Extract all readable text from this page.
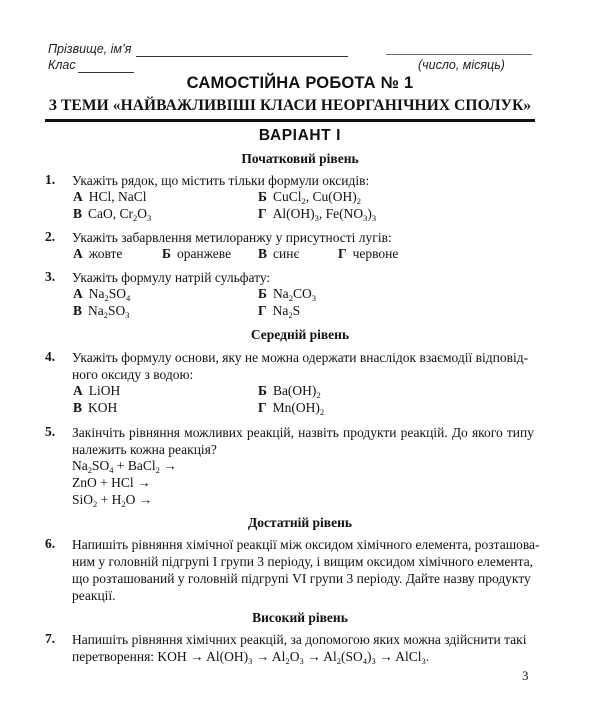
Прізвище, ім’я
Клас	(число, місяць)
САМОСТІЙНА РОБОТА № 1
З ТЕМИ «НАЙВАЖЛИВІШІ КЛАСИ НЕОРГАНІЧНИХ СПОЛУК»
ВАРІАНТ І
Початковий рівень
1. Укажіть рядок, що містить тільки формули оксидів:
А HCl, NaCl	Б CuCl$_2$, $Cu(OH)_2$
В CaO, $Cr_2O_3$	Г $Al(OH)_3$, $Fe(NO_3)_3$
2. Укажіть забарвлення метилоранжу у присутності лугів:
А жовте	Б оранжеве В синє	Г червоне
3. Укажіть формулу натрій сульфату:
А $Na_2SO_4$	Б $Na_2CO_3$
В $Na_2SO_3$	Г $Na_2S$
Середній рівень
4. Укажіть формулу основи, яку не можна одержати внаслідок взаємодії відповід-
ного оксиду з водою:
А LiOH	Б $Ba(OH)_2$
В KOH	Г $Mn(OH)_2$
5. Закінчіть рівняння можливих реакцій, назвіть продукти реакцій. До якого типу належить кожна реакція?
$Na_2SO_4$ + BaCl$_2$ →
ZnO + HCl →
$SiO_2 + H_2O$ →
Достатній рівень
6. Напишіть рівняння хімічної реакції між оксидом хімічного елемента, розташова-
ним у головній підгрупі І групи 3 періоду, і вищим оксидом хімічного елемента,
що розташований у головній підгрупі VI групи 3 періоду. Дайте назву продукту
реакції.
Високий рівень
7. Напишіть рівняння хімічних реакцій, за допомогою яких можна здійснити такі
перетворення: KOH → $Al(OH)_3 \to Al_2O_3 \to Al_2(SO_4)_3$ → AlCl$_3$.
3
